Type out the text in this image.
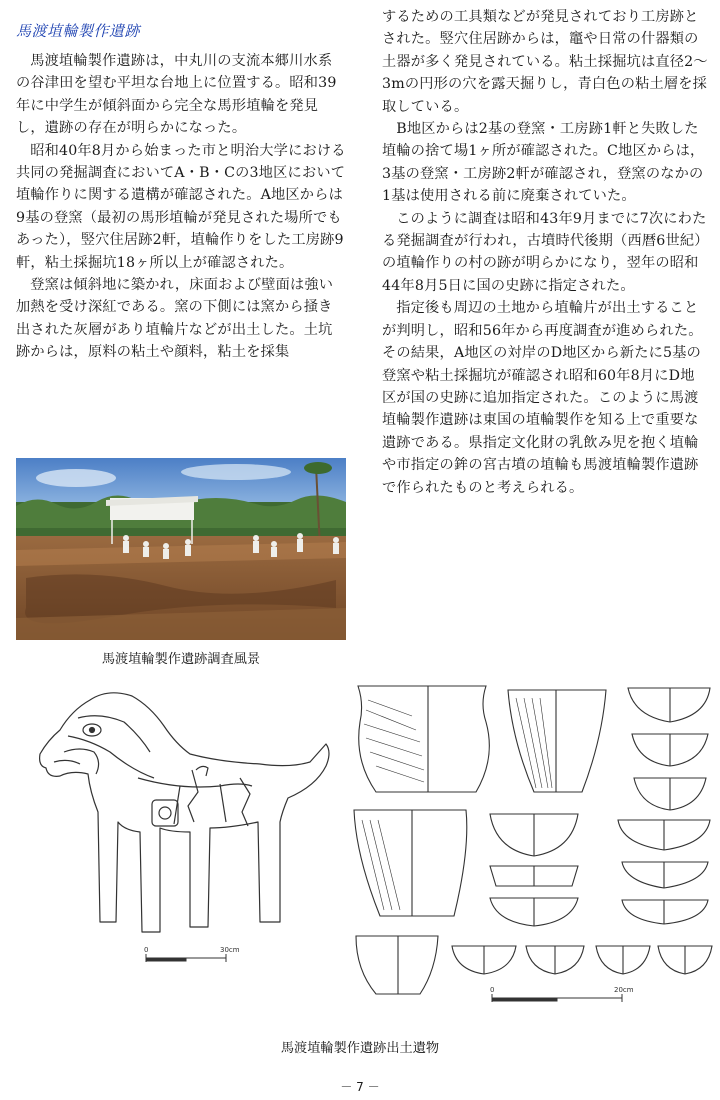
馬渡埴輪製作遺跡

馬渡埴輪製作遺跡は，中丸川の支流本郷川水系の谷津田を望む平坦な台地上に位置する。昭和39年に中学生が傾斜面から完全な馬形埴輪を発見し，遺跡の存在が明らかになった。

昭和40年8月から始まった市と明治大学における共同の発掘調査においてA・B・Cの3地区において埴輪作りに関する遺構が確認された。A地区からは9基の登窯（最初の馬形埴輪が発見された場所でもあった），竪穴住居跡2軒，埴輪作りをした工房跡9軒，粘土採掘坑18ヶ所以上が確認された。

登窯は傾斜地に築かれ，床面および壁面は強い加熱を受け深紅である。窯の下側には窯から掻き出された灰層があり埴輪片などが出土した。土坑跡からは，原料の粘土や顔料，粘土を採集

するための工具類などが発見されており工房跡とされた。竪穴住居跡からは，竈や日常の什器類の土器が多く発見されている。粘土採掘坑は直径2～3mの円形の穴を露天掘りし，青白色の粘土層を採取している。

B地区からは2基の登窯・工房跡1軒と失敗した埴輪の捨て場1ヶ所が確認された。C地区からは，3基の登窯・工房跡2軒が確認され，登窯のなかの1基は使用される前に廃棄されていた。

このように調査は昭和43年9月までに7次にわたる発掘調査が行われ，古墳時代後期（西暦6世紀）の埴輪作りの村の跡が明らかになり，翌年の昭和44年8月5日に国の史跡に指定された。

指定後も周辺の土地から埴輪片が出土することが判明し，昭和56年から再度調査が進められた。その結果，A地区の対岸のD地区から新たに5基の登窯や粘土採掘坑が確認され昭和60年8月にD地区が国の史跡に追加指定された。このように馬渡埴輪製作遺跡は東国の埴輪製作を知る上で重要な遺跡である。県指定文化財の乳飲み児を抱く埴輪や市指定の鉾の宮古墳の埴輪も馬渡埴輪製作遺跡で作られたものと考えられる。

馬渡埴輪製作遺跡調査風景
0	30cm
0	20cm
馬渡埴輪製作遺跡出土遺物
－ 7 －
